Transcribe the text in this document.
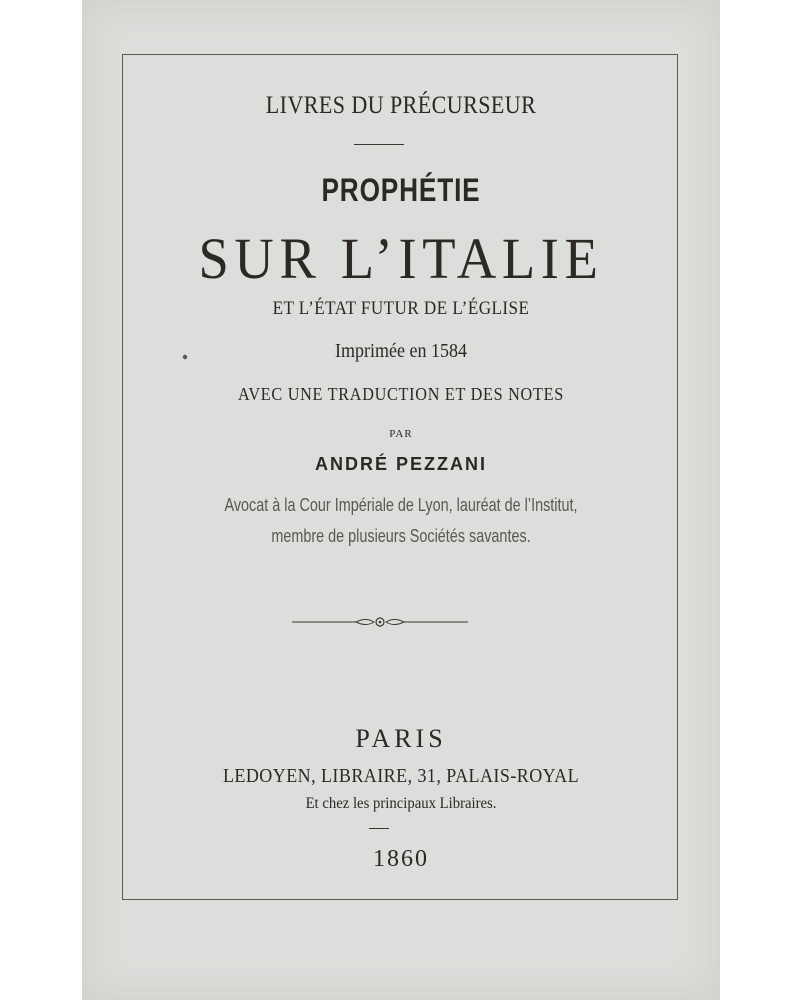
LIVRES DU PRÉCURSEUR
PROPHÉTIE
SUR L’ITALIE
ET L’ÉTAT FUTUR DE L’ÉGLISE
Imprimée en 1584
AVEC UNE TRADUCTION ET DES NOTES
PAR
ANDRÉ PEZZANI
Avocat à la Cour Impériale de Lyon, lauréat de l’Institut,
membre de plusieurs Sociétés savantes.
PARIS
LEDOYEN, LIBRAIRE, 31, PALAIS-ROYAL
Et chez les principaux Libraires.
1860
